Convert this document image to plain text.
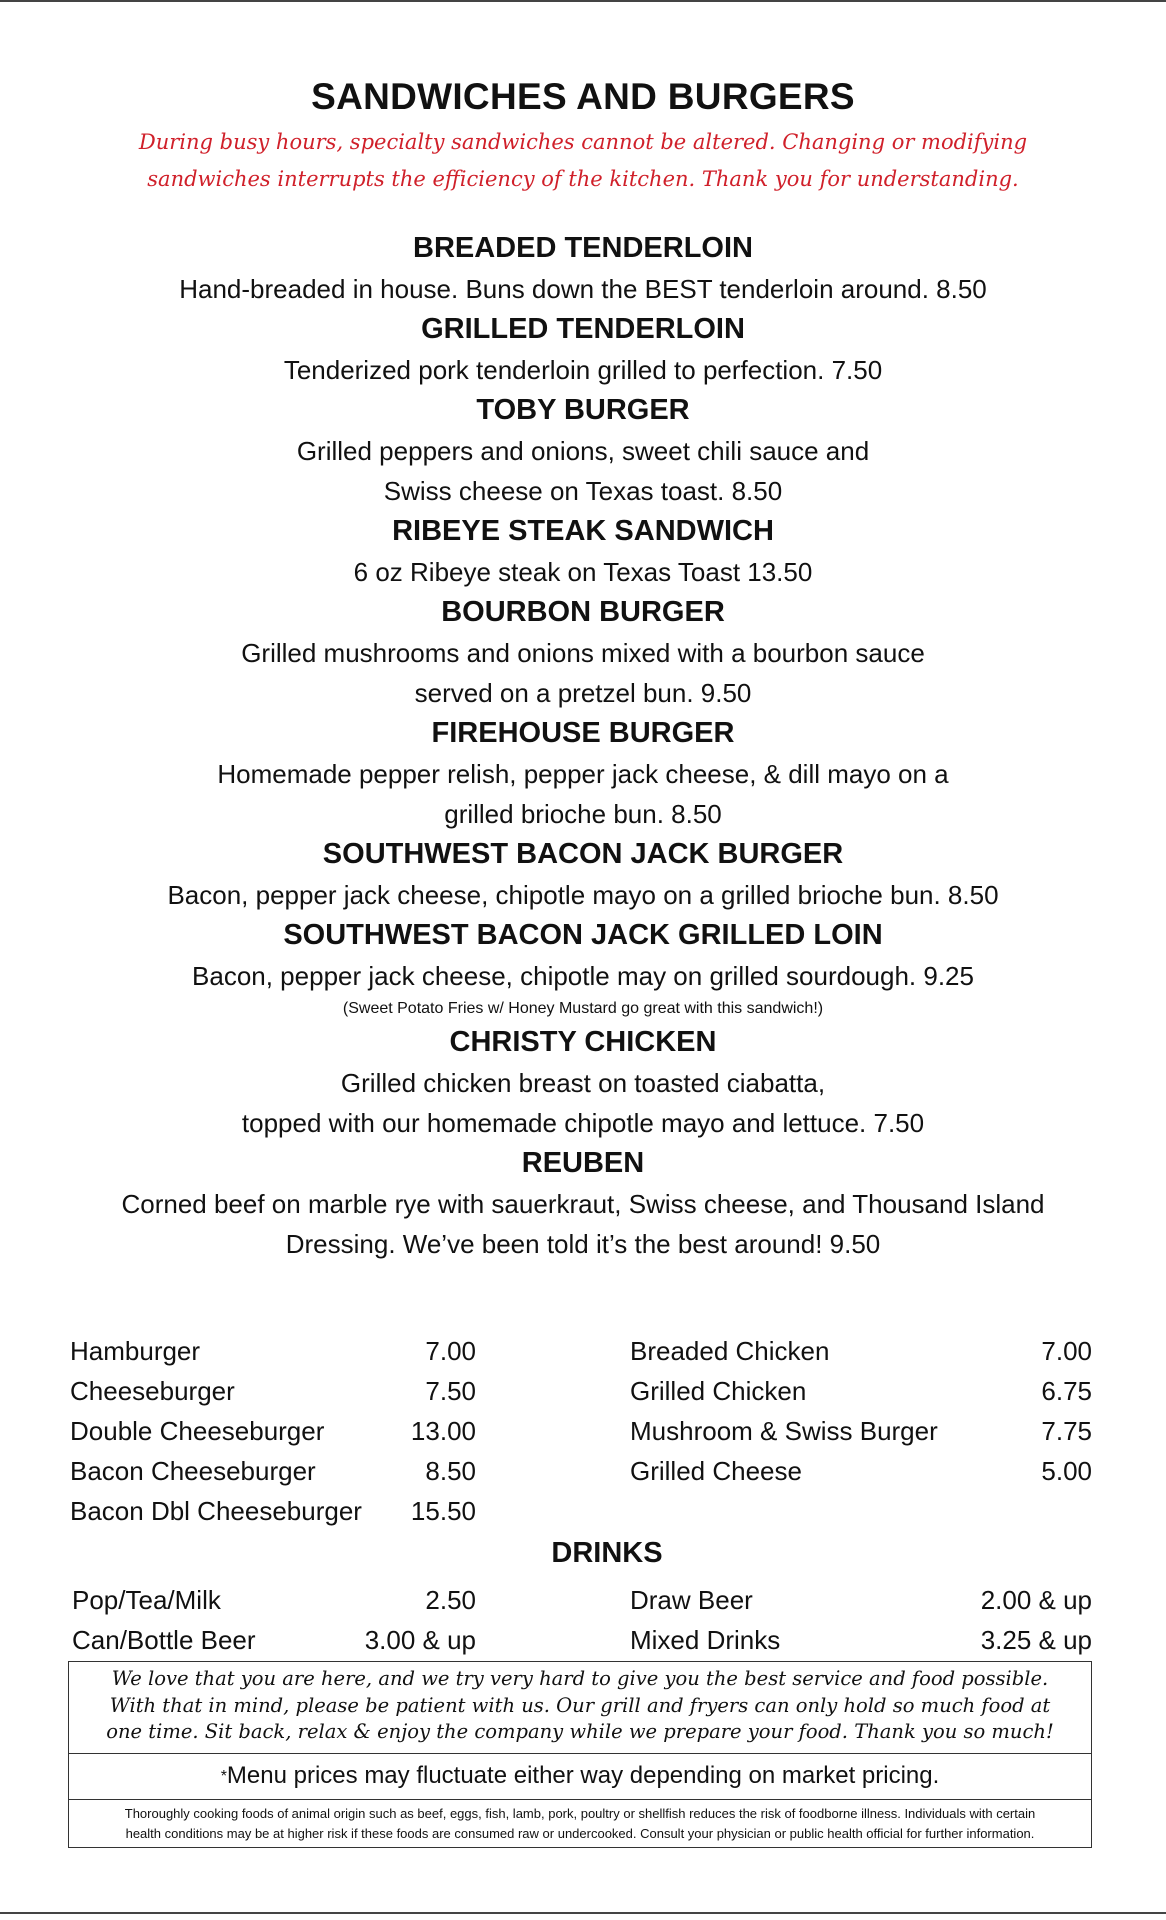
SANDWICHES AND BURGERS
During busy hours, specialty sandwiches cannot be altered. Changing or modifying
sandwiches interrupts the efficiency of the kitchen. Thank you for understanding.
BREADED TENDERLOIN
Hand-breaded in house. Buns down the BEST tenderloin around. 8.50
GRILLED TENDERLOIN
Tenderized pork tenderloin grilled to perfection. 7.50
TOBY BURGER
Grilled peppers and onions, sweet chili sauce and
Swiss cheese on Texas toast. 8.50
RIBEYE STEAK SANDWICH
6 oz Ribeye steak on Texas Toast 13.50
BOURBON BURGER
Grilled mushrooms and onions mixed with a bourbon sauce
served on a pretzel bun. 9.50
FIREHOUSE BURGER
Homemade pepper relish, pepper jack cheese, & dill mayo on a
grilled brioche bun. 8.50
SOUTHWEST BACON JACK BURGER
Bacon, pepper jack cheese, chipotle mayo on a grilled brioche bun. 8.50
SOUTHWEST BACON JACK GRILLED LOIN
Bacon, pepper jack cheese, chipotle may on grilled sourdough. 9.25
(Sweet Potato Fries w/ Honey Mustard go great with this sandwich!)
CHRISTY CHICKEN
Grilled chicken breast on toasted ciabatta,
topped with our homemade chipotle mayo and lettuce. 7.50
REUBEN
Corned beef on marble rye with sauerkraut, Swiss cheese, and Thousand Island
Dressing. We’ve been told it’s the best around! 9.50
Hamburger	7.00
Cheeseburger	7.50
Double Cheeseburger	13.00
Bacon Cheeseburger	8.50
Bacon Dbl Cheeseburger 15.50
Breaded Chicken	7.00
Grilled Chicken	6.75
Mushroom & Swiss Burger	7.75
Grilled Cheese	5.00
DRINKS
Pop/Tea/Milk	2.50
Can/Bottle Beer	3.00 & up
Draw Beer	2.00 & up
Mixed Drinks	3.25 & up
We love that you are here, and we try very hard to give you the best service and food possible.
With that in mind, please be patient with us. Our grill and fryers can only hold so much food at
one time. Sit back, relax & enjoy the company while we prepare your food. Thank you so much!
*Menu prices may fluctuate either way depending on market pricing.
Thoroughly cooking foods of animal origin such as beef, eggs, fish, lamb, pork, poultry or shellfish reduces the risk of foodborne illness. Individuals with certain
health conditions may be at higher risk if these foods are consumed raw or undercooked. Consult your physician or public health official for further information.
